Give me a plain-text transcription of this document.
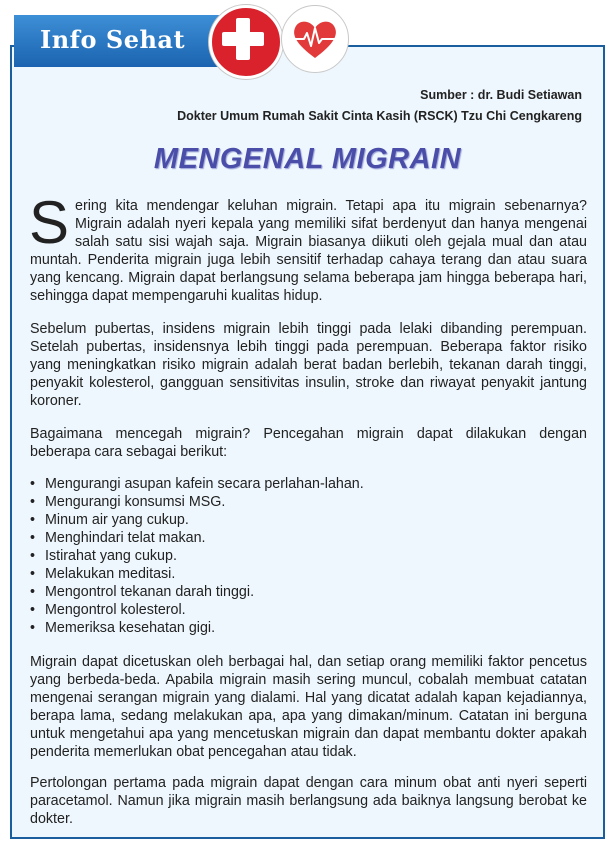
Info Sehat
Sumber : dr. Budi Setiawan
Dokter Umum Rumah Sakit Cinta Kasih (RSCK) Tzu Chi Cengkareng
MENGENAL MIGRAIN

Sering kita mendengar keluhan migrain. Tetapi apa itu migrain sebenarnya? Migrain adalah nyeri kepala yang memiliki sifat berdenyut dan hanya mengenai salah satu sisi wajah saja. Migrain biasanya diikuti oleh gejala mual dan atau muntah. Penderita migrain juga lebih sensitif terhadap cahaya terang dan atau suara yang kencang. Migrain dapat berlangsung selama beberapa jam hingga beberapa hari, sehingga dapat mempengaruhi kualitas hidup.

Sebelum pubertas, insidens migrain lebih tinggi pada lelaki dibanding perempuan. Setelah pubertas, insidensnya lebih tinggi pada perempuan. Beberapa faktor risiko yang meningkatkan risiko migrain adalah berat badan berlebih, tekanan darah tinggi, penyakit kolesterol, gangguan sensitivitas insulin, stroke dan riwayat penyakit jantung koroner.
Bagaimana mencegah migrain? Pencegahan migrain dapat dilakukan dengan beberapa cara sebagai berikut:
• Mengurangi asupan kafein secara perlahan-lahan.
• Mengurangi konsumsi MSG.
• Minum air yang cukup.
• Menghindari telat makan.
• Istirahat yang cukup.
• Melakukan meditasi.
• Mengontrol tekanan darah tinggi.
• Mengontrol kolesterol.
• Memeriksa kesehatan gigi.
Migrain dapat dicetuskan oleh berbagai hal, dan setiap orang memiliki faktor pencetus yang berbeda-beda. Apabila migrain masih sering muncul, cobalah membuat catatan mengenai serangan migrain yang dialami. Hal yang dicatat adalah kapan kejadiannya, berapa lama, sedang melakukan apa, apa yang dimakan/minum. Catatan ini berguna untuk mengetahui apa yang mencetuskan migrain dan dapat membantu dokter apakah penderita memerlukan obat pencegahan atau tidak.
Pertolongan pertama pada migrain dapat dengan cara minum obat anti nyeri seperti paracetamol. Namun jika migrain masih berlangsung ada baiknya langsung berobat ke dokter.
